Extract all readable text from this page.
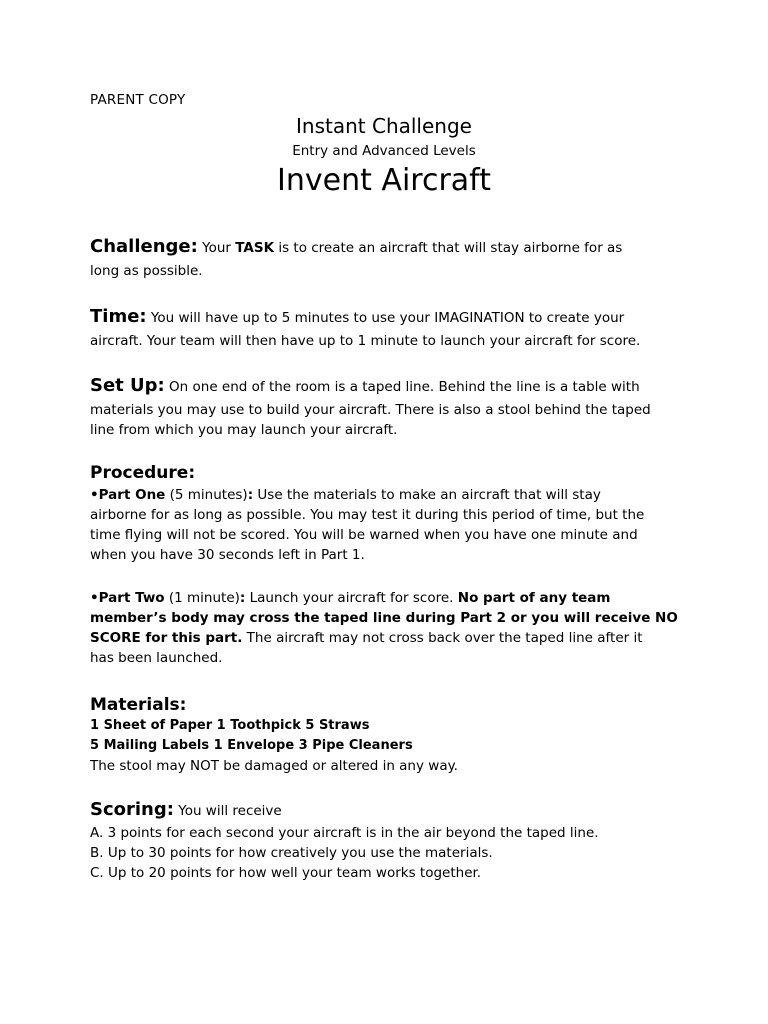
PARENT COPY
Instant Challenge
Entry and Advanced Levels
Invent Aircraft
Challenge: Your TASK is to create an aircraft that will stay airborne for as
long as possible.
Time: You will have up to 5 minutes to use your IMAGINATION to create your
aircraft. Your team will then have up to 1 minute to launch your aircraft for score.
Set Up: On one end of the room is a taped line. Behind the line is a table with
materials you may use to build your aircraft. There is also a stool behind the taped
line from which you may launch your aircraft.
Procedure:
•Part One (5 minutes): Use the materials to make an aircraft that will stay
airborne for as long as possible. You may test it during this period of time, but the
time flying will not be scored. You will be warned when you have one minute and
when you have 30 seconds left in Part 1.
•Part Two (1 minute): Launch your aircraft for score. No part of any team
member’s body may cross the taped line during Part 2 or you will receive NO
SCORE for this part. The aircraft may not cross back over the taped line after it
has been launched.
Materials:
1 Sheet of Paper 1 Toothpick 5 Straws
5 Mailing Labels 1 Envelope 3 Pipe Cleaners
The stool may NOT be damaged or altered in any way.
Scoring: You will receive
A. 3 points for each second your aircraft is in the air beyond the taped line.
B. Up to 30 points for how creatively you use the materials.
C. Up to 20 points for how well your team works together.
